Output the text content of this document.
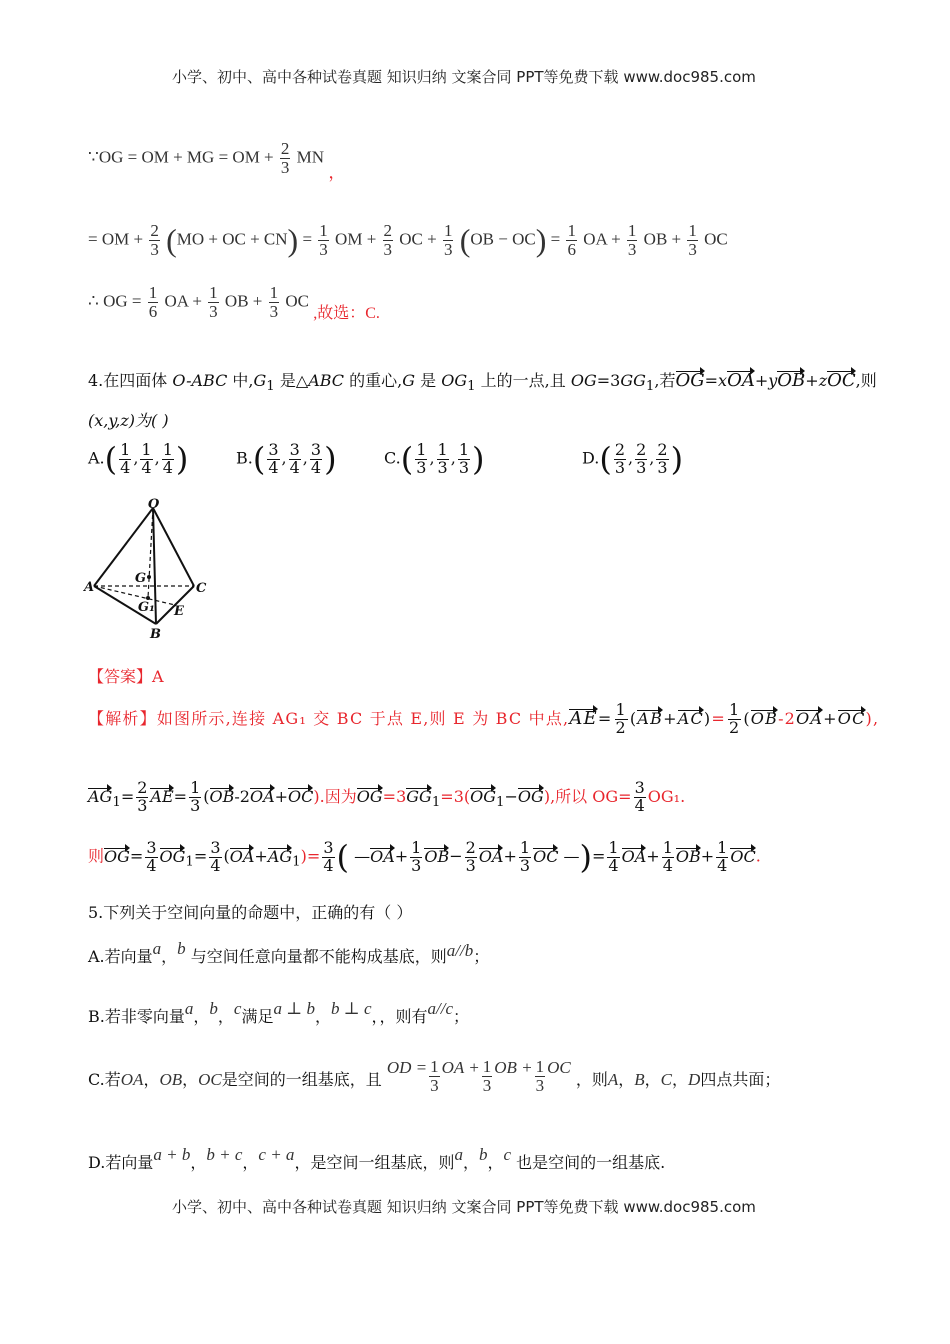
小学、初中、高中各种试卷真题 知识归纳 文案合同 PPT等免费下载 www.doc985.com
∵OG = OM + MG = OM + $\frac{2}{3}$ MN ，
= OM + $\frac{2}{3} (MO$ + OC + $CN) = \frac{1}{3}$ OM + $\frac{2}{3}$ OC + $\frac{1}{3} (OB - OC) = \frac{1}{6}$ OA + $\frac{1}{3}$ OB + $\frac{1}{3}$ OC
∴ OG = $\frac{1}{6}$ OA + $\frac{1}{3}$ OB + $\frac{1}{3}$ OC ,故选：C.
4.在四面体 O-ABC 中$,G_1$ 是△ABC 的重心,G 是 $OG_1$ 上的一点,且 $OG=3GG_1$,若OG=xOA+yOB+zOC,则
(x,y,z)为( )
$A.( \frac{1}{4}$ , $\frac{1}{4}$ , $\frac{1}{4}$ )	$B.( \frac{3}{4}$ , $\frac{3}{4}$ , $\frac{3}{4}$ )	$C.( \frac{1}{3}$ , $\frac{1}{3}$ , $\frac{1}{3}$ )	$D.( \frac{2}{3}$ , $\frac{2}{3}$ , $\frac{2}{3}$ )
O
A	C
B
G
G₁ E
【答案】A
【解析】如图所示,连接 AG₁ 交 BC 于点 E,则 E 为 BC 中点$,AE= \frac{1}{2} (AB+AC)= \frac{1}{2} (OB-2OA+OC)$,
$AG_1= \frac{2}{3} AE= \frac{1}{3} (OB-2OA+OC)$.因为$OG=3GG_1=3(OG_1-OG)$,所以 $OG= \frac{3}{4} OG_1$.
则$OG= \frac{3}{4} OG_1= \frac{3}{4} (OA+AG_1)= \frac{3}{4}$ ( —OA+ $\frac{1}{3} OB- \frac{2}{3} OA+ \frac{1}{3}$ OC —)= $\frac{1}{4} OA+ \frac{1}{4} OB+ \frac{1}{4}$ OC.
5.下列关于空间向量的命题中，正确的有（ ）
A.若向量a，b 与空间任意向量都不能构成基底，则a//b；
B.若非零向量a，b，c满足a ⊥ b，b ⊥ c，，则有a//c；
C.若OA，OB，OC是空间的一组基底，且 OD = $\frac{1}{3}$ OA + $\frac{1}{3}$ OB + $\frac{1}{3}$ OC ，则A，B，C，D四点共面；
D.若向量a + b，b + c，c + a，是空间一组基底，则a，b，c 也是空间的一组基底.
小学、初中、高中各种试卷真题 知识归纳 文案合同 PPT等免费下载 www.doc985.com
